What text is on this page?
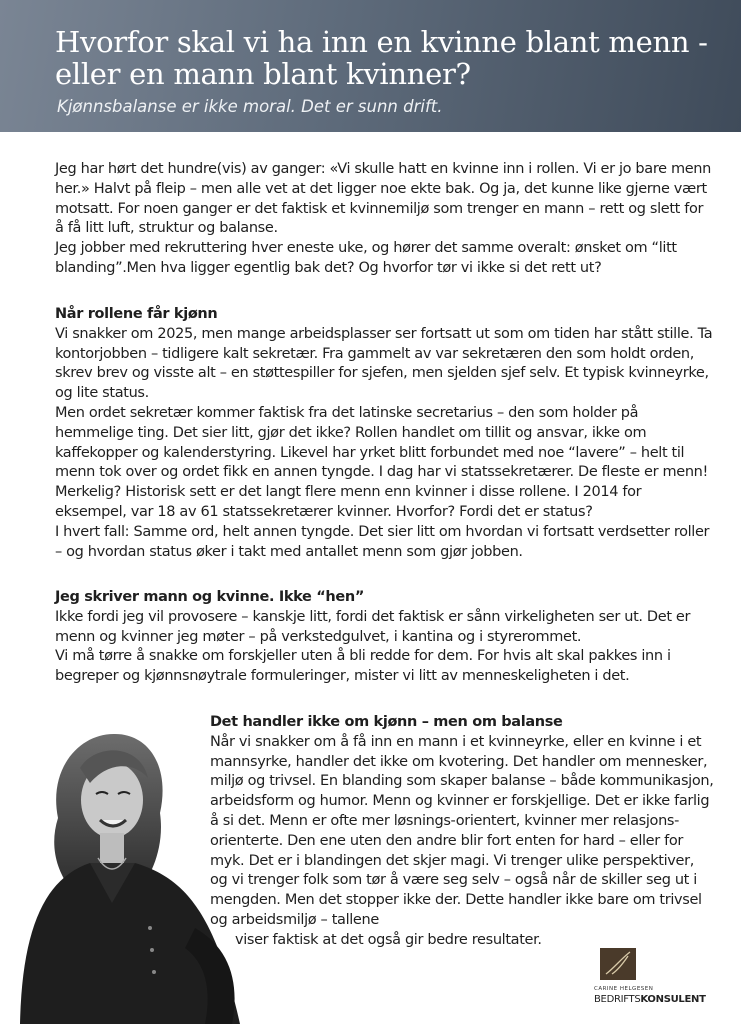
Hvorfor skal vi ha inn en kvinne blant menn - eller en mann blant kvinner?

Kjønnsbalanse er ikke moral. Det er sunn drift.

Jeg har hørt det hundre(vis) av ganger: «Vi skulle hatt en kvinne inn i rollen. Vi er jo bare menn her.» Halvt på fleip – men alle vet at det ligger noe ekte bak. Og ja, det kunne like gjerne vært motsatt. For noen ganger er det faktisk et kvinnemiljø som trenger en mann – rett og slett for å få litt luft, struktur og balanse.

Jeg jobber med rekruttering hver eneste uke, og hører det samme overalt: ønsket om “litt blanding”.Men hva ligger egentlig bak det? Og hvorfor tør vi ikke si det rett ut?

Når rollene får kjønn

Vi snakker om 2025, men mange arbeidsplasser ser fortsatt ut som om tiden har stått stille. Ta kontorjobben – tidligere kalt sekretær. Fra gammelt av var sekretæren den som holdt orden, skrev brev og visste alt – en støttespiller for sjefen, men sjelden sjef selv. Et typisk kvinneyrke, og lite status.

Men ordet sekretær kommer faktisk fra det latinske secretarius – den som holder på hemmelige ting. Det sier litt, gjør det ikke? Rollen handlet om tillit og ansvar, ikke om kaffekopper og kalenderstyring. Likevel har yrket blitt forbundet med noe “lavere” – helt til menn tok over og ordet fikk en annen tyngde. I dag har vi statssekretærer. De fleste er menn! Merkelig? Historisk sett er det langt flere menn enn kvinner i disse rollene. I 2014 for eksempel, var 18 av 61 statssekretærer kvinner. Hvorfor? Fordi det er status?

I hvert fall: Samme ord, helt annen tyngde. Det sier litt om hvordan vi fortsatt verdsetter roller – og hvordan status øker i takt med antallet menn som gjør jobben.

Jeg skriver mann og kvinne. Ikke “hen”

Ikke fordi jeg vil provosere – kanskje litt, fordi det faktisk er sånn virkeligheten ser ut. Det er menn og kvinner jeg møter – på verkstedgulvet, i kantina og i styrerommet.

Vi må tørre å snakke om forskjeller uten å bli redde for dem. For hvis alt skal pakkes inn i begreper og kjønnsnøytrale formuleringer, mister vi litt av menneskeligheten i det.

Det handler ikke om kjønn – men om balanse

Når vi snakker om å få inn en mann i et kvinneyrke, eller en kvinne i et mannsyrke, handler det ikke om kvotering. Det handler om mennesker, miljø og trivsel. En blanding som skaper balanse – både kommunikasjon, arbeidsform og humor. Menn og kvinner er forskjellige. Det er ikke farlig å si det. Menn er ofte mer løsnings-orientert, kvinner mer relasjons-orienterte. Den ene uten den andre blir fort enten for hard – eller for myk. Det er i blandingen det skjer magi. Vi trenger ulike perspektiver, og vi trenger folk som tør å være seg selv – også når de skiller seg ut i mengden. Men det stopper ikke der. Dette handler ikke bare om trivsel og arbeidsmiljø – tallene

viser faktisk at det også gir bedre resultater.

CARINE HELGESEN
BEDRIFTSKONSULENT
